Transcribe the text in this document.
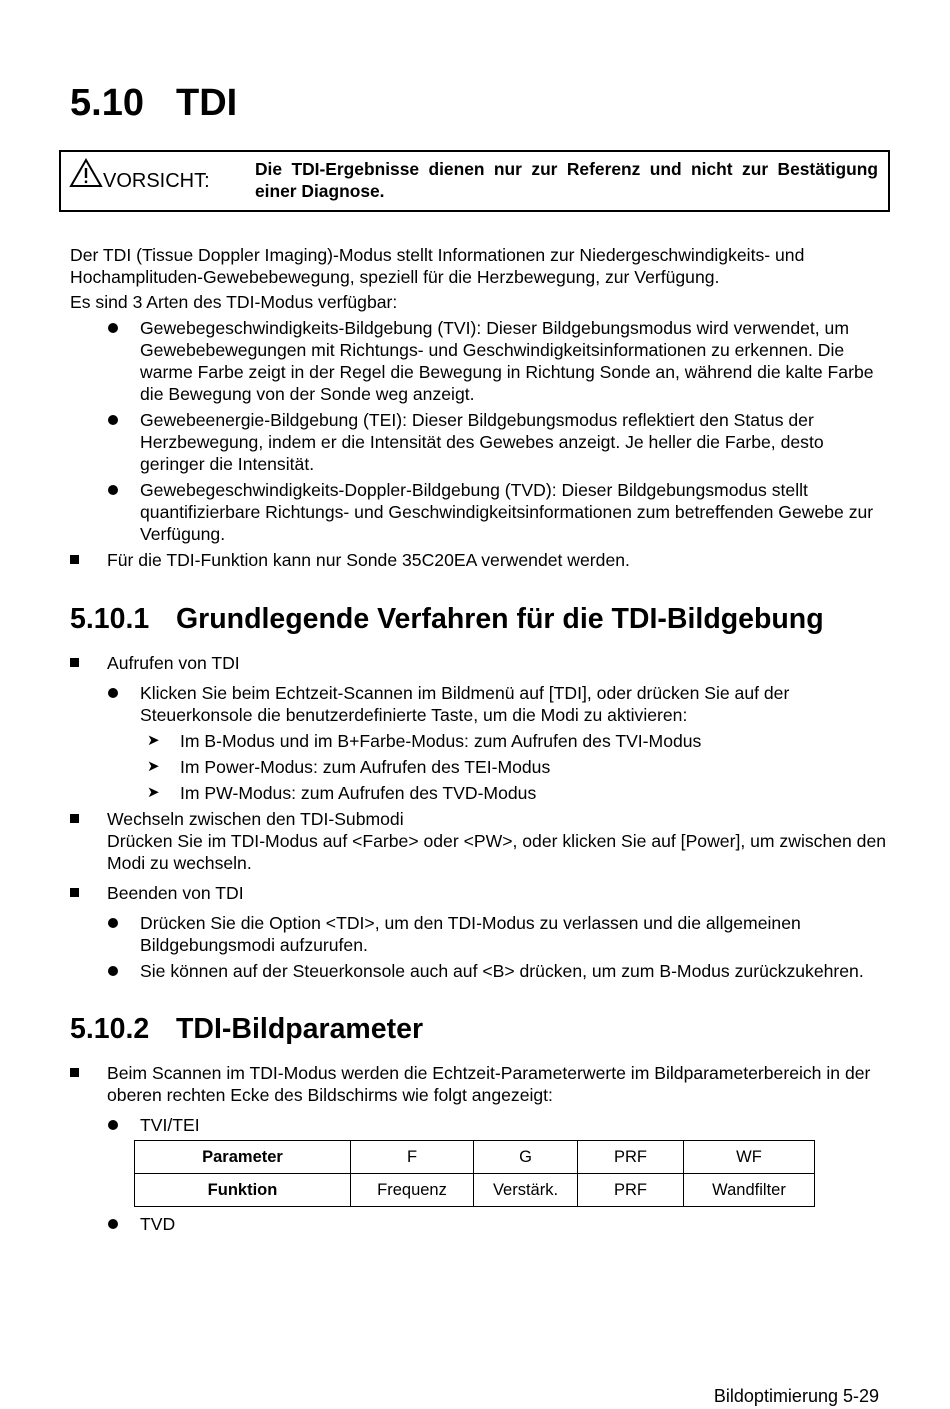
5.10 TDI
VORSICHT:
Die TDI-Ergebnisse dienen nur zur Referenz und nicht zur Bestätigung einer Diagnose.

Der TDI (Tissue Doppler Imaging)-Modus stellt Informationen zur Niedergeschwindigkeits- und Hochamplituden-Gewebebewegung, speziell für die Herzbewegung, zur Verfügung.

Es sind 3 Arten des TDI-Modus verfügbar:

Gewebegeschwindigkeits-Bildgebung (TVI): Dieser Bildgebungsmodus wird verwendet, um Gewebebewegungen mit Richtungs- und Geschwindigkeitsinformationen zu erkennen. Die warme Farbe zeigt in der Regel die Bewegung in Richtung Sonde an, während die kalte Farbe die Bewegung von der Sonde weg anzeigt.
Gewebeenergie-Bildgebung (TEI): Dieser Bildgebungsmodus reflektiert den Status der Herzbewegung, indem er die Intensität des Gewebes anzeigt. Je heller die Farbe, desto geringer die Intensität.
Gewebegeschwindigkeits-Doppler-Bildgebung (TVD): Dieser Bildgebungsmodus stellt quantifizierbare Richtungs- und Geschwindigkeitsinformationen zum betreffenden Gewebe zur Verfügung.
Für die TDI-Funktion kann nur Sonde 35C20EA verwendet werden.
5.10.1 Grundlegende Verfahren für die TDI-Bildgebung
Aufrufen von TDI
Klicken Sie beim Echtzeit-Scannen im Bildmenü auf [TDI], oder drücken Sie auf der Steuerkonsole die benutzerdefinierte Taste, um die Modi zu aktivieren:
➤ Im B-Modus und im B+Farbe-Modus: zum Aufrufen des TVI-Modus
➤ Im Power-Modus: zum Aufrufen des TEI-Modus
➤ Im PW-Modus: zum Aufrufen des TVD-Modus
Wechseln zwischen den TDI-Submodi

Drücken Sie im TDI-Modus auf <Farbe> oder <PW>, oder klicken Sie auf [Power], um zwischen den Modi zu wechseln.

Beenden von TDI
Drücken Sie die Option <TDI>, um den TDI-Modus zu verlassen und die allgemeinen Bildgebungsmodi aufzurufen.
Sie können auf der Steuerkonsole auch auf <B> drücken, um zum B-Modus zurückzukehren.
5.10.2 TDI-Bildparameter
Beim Scannen im TDI-Modus werden die Echtzeit-Parameterwerte im Bildparameterbereich in der oberen rechten Ecke des Bildschirms wie folgt angezeigt:
TVI/TEI
Parameter	F	G	PRF	WF
Funktion	Frequenz	Verstärk.	PRF	Wandfilter
TVD
Bildoptimierung 5-29
